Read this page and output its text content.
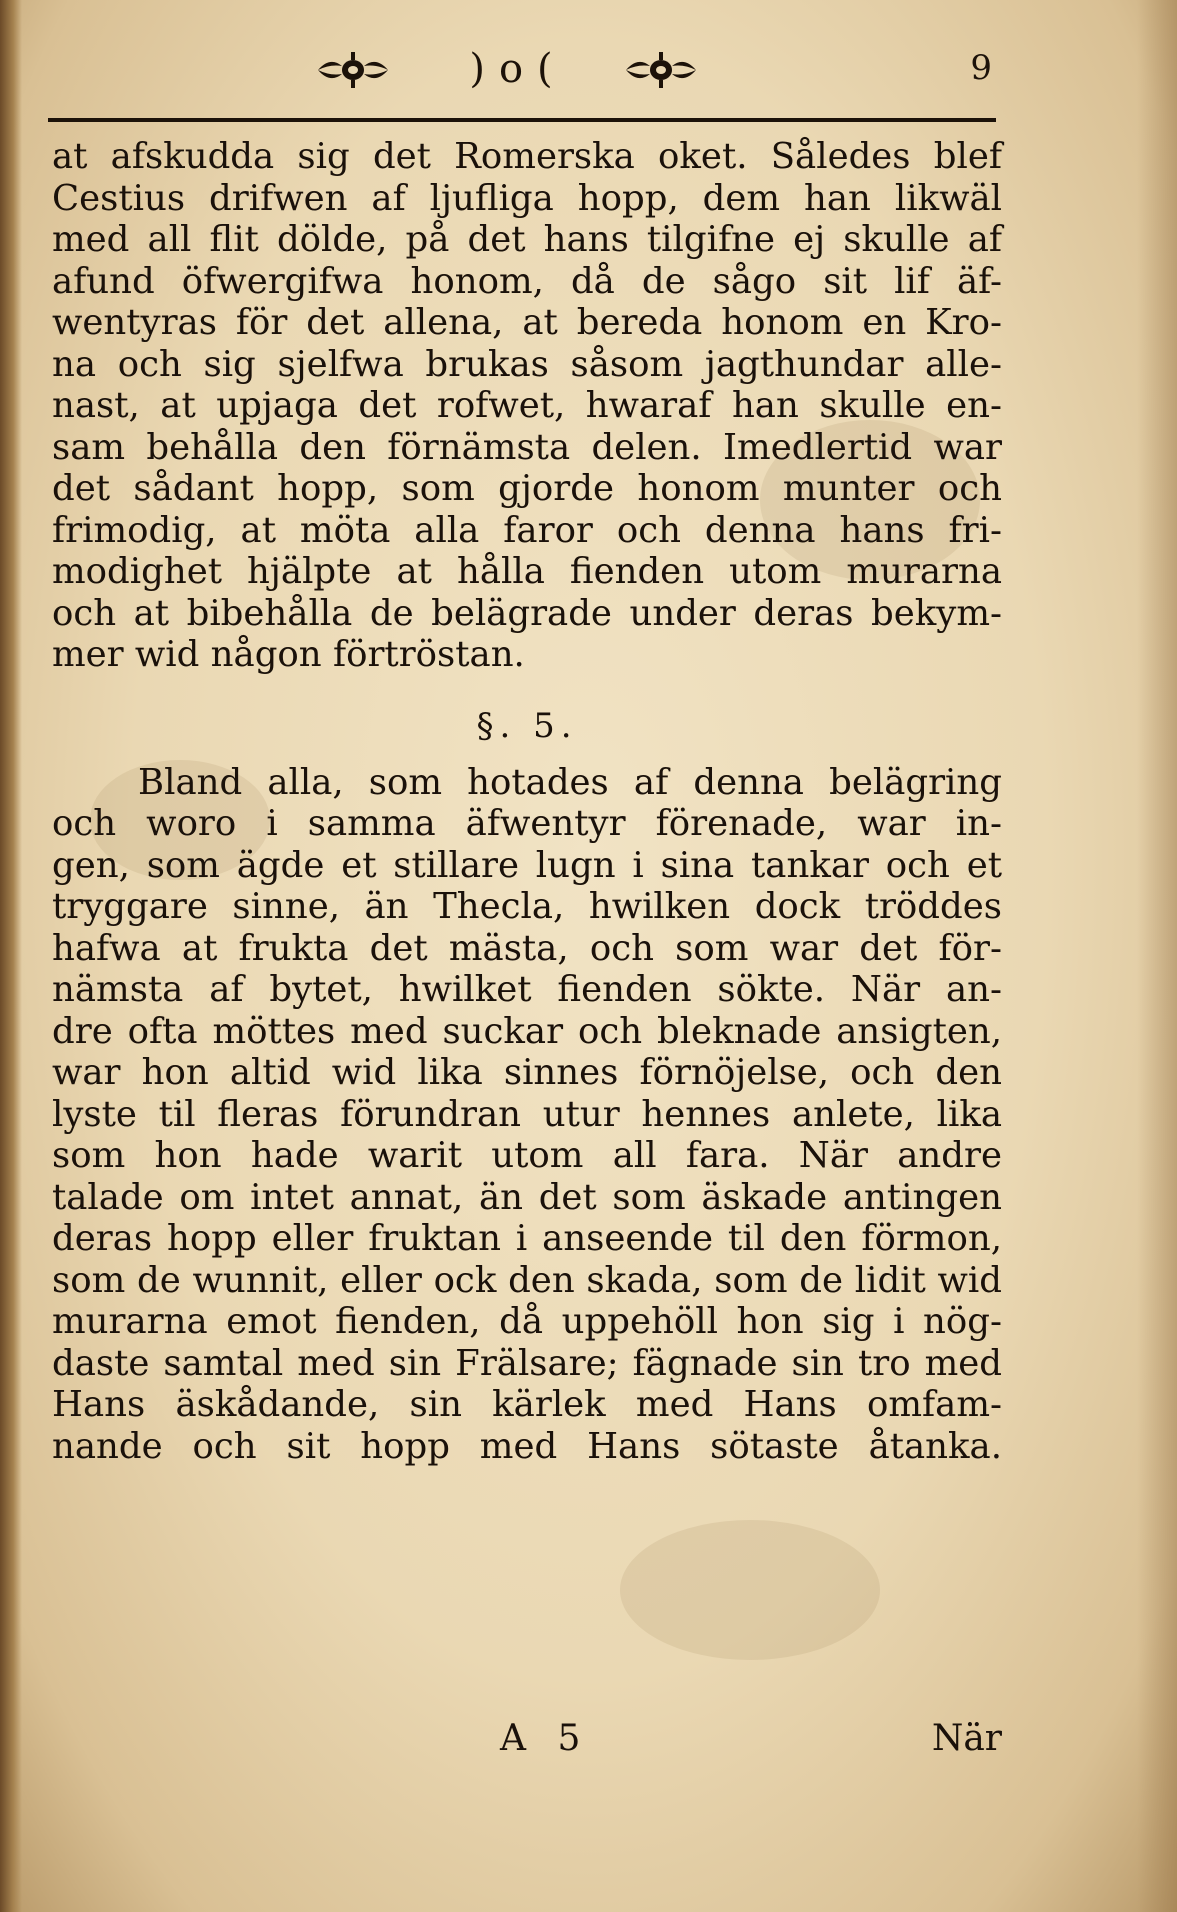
)o(	9
at afskudda sig det Romerska oket. Således blef
Cestius drifwen af ljufliga hopp, dem han likwäl
med all flit dölde, på det hans tilgifne ej skulle af
afund öfwergifwa honom, då de sågo sit lif äf-
wentyras för det allena, at bereda honom en Kro-
na och sig sjelfwa brukas såsom jagthundar alle-
nast, at upjaga det rofwet, hwaraf han skulle en-
sam behålla den förnämsta delen. Imedlertid war
det sådant hopp, som gjorde honom munter och
frimodig, at möta alla faror och denna hans fri-
modighet hjälpte at hålla fienden utom murarna
och at bibehålla de belägrade under deras bekym-
mer wid någon förtröstan.
§. 5.
Bland alla, som hotades af denna belägring
och woro i samma äfwentyr förenade, war in-
gen, som ägde et stillare lugn i sina tankar och et
tryggare sinne, än Thecla, hwilken dock tröddes
hafwa at frukta det mästa, och som war det för-
nämsta af bytet, hwilket fienden sökte. När an-
dre ofta möttes med suckar och bleknade ansigten,
war hon altid wid lika sinnes förnöjelse, och den
lyste til fleras förundran utur hennes anlete, lika
som hon hade warit utom all fara. När andre
talade om intet annat, än det som äskade antingen
deras hopp eller fruktan i anseende til den förmon,
som de wunnit, eller ock den skada, som de lidit wid
murarna emot fienden, då uppehöll hon sig i nög-
daste samtal med sin Frälsare; fägnade sin tro med
Hans äskådande, sin kärlek med Hans omfam-
nande och sit hopp med Hans sötaste åtanka.
A 5	När
